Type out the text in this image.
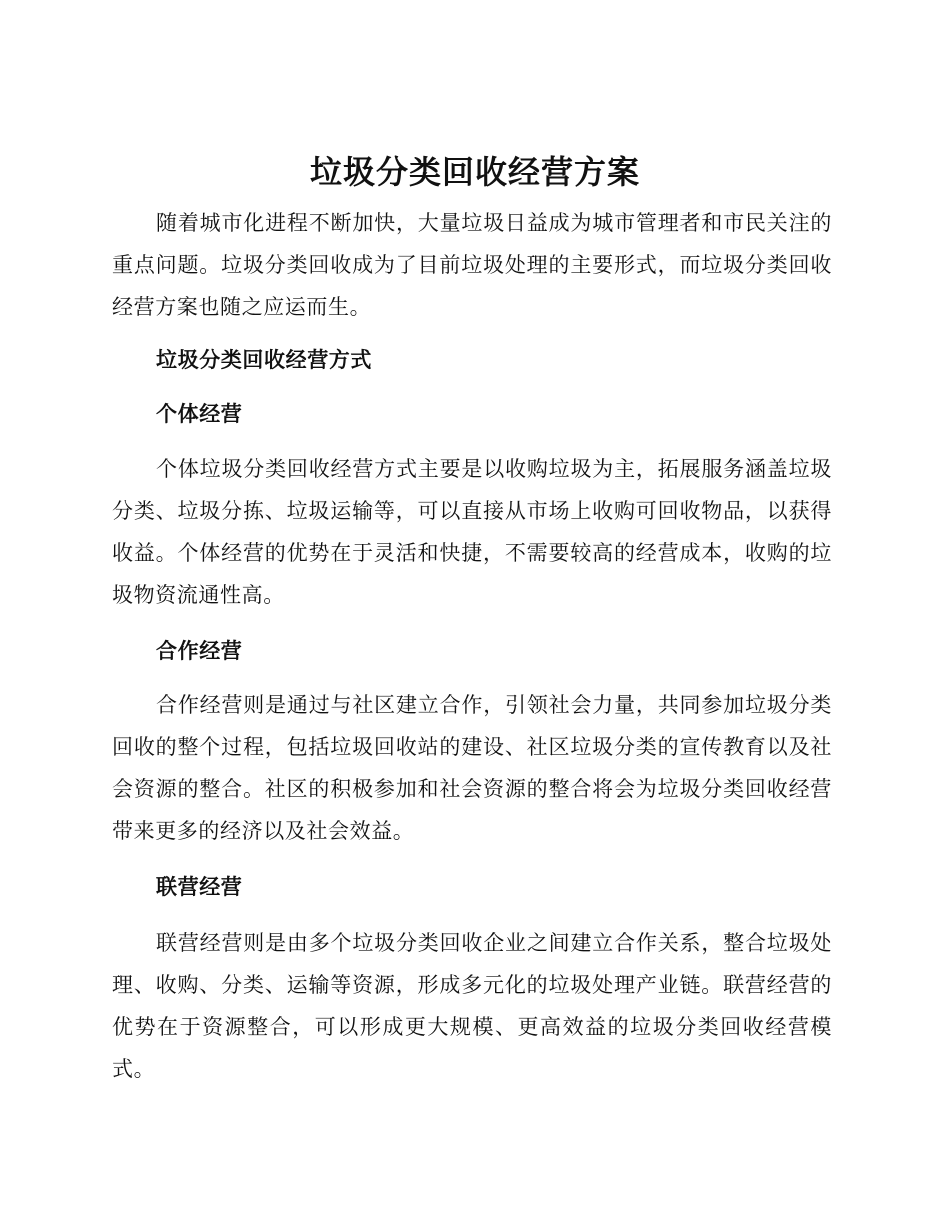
垃圾分类回收经营方案

随着城市化进程不断加快，大量垃圾日益成为城市管理者和市民关注的重点问题。垃圾分类回收成为了目前垃圾处理的主要形式，而垃圾分类回收经营方案也随之应运而生。

垃圾分类回收经营方式
个体经营

个体垃圾分类回收经营方式主要是以收购垃圾为主，拓展服务涵盖垃圾分类、垃圾分拣、垃圾运输等，可以直接从市场上收购可回收物品，以获得收益。个体经营的优势在于灵活和快捷，不需要较高的经营成本，收购的垃圾物资流通性高。

合作经营

合作经营则是通过与社区建立合作，引领社会力量，共同参加垃圾分类回收的整个过程，包括垃圾回收站的建设、社区垃圾分类的宣传教育以及社会资源的整合。社区的积极参加和社会资源的整合将会为垃圾分类回收经营带来更多的经济以及社会效益。

联营经营

联营经营则是由多个垃圾分类回收企业之间建立合作关系，整合垃圾处理、收购、分类、运输等资源，形成多元化的垃圾处理产业链。联营经营的优势在于资源整合，可以形成更大规模、更高效益的垃圾分类回收经营模式。
